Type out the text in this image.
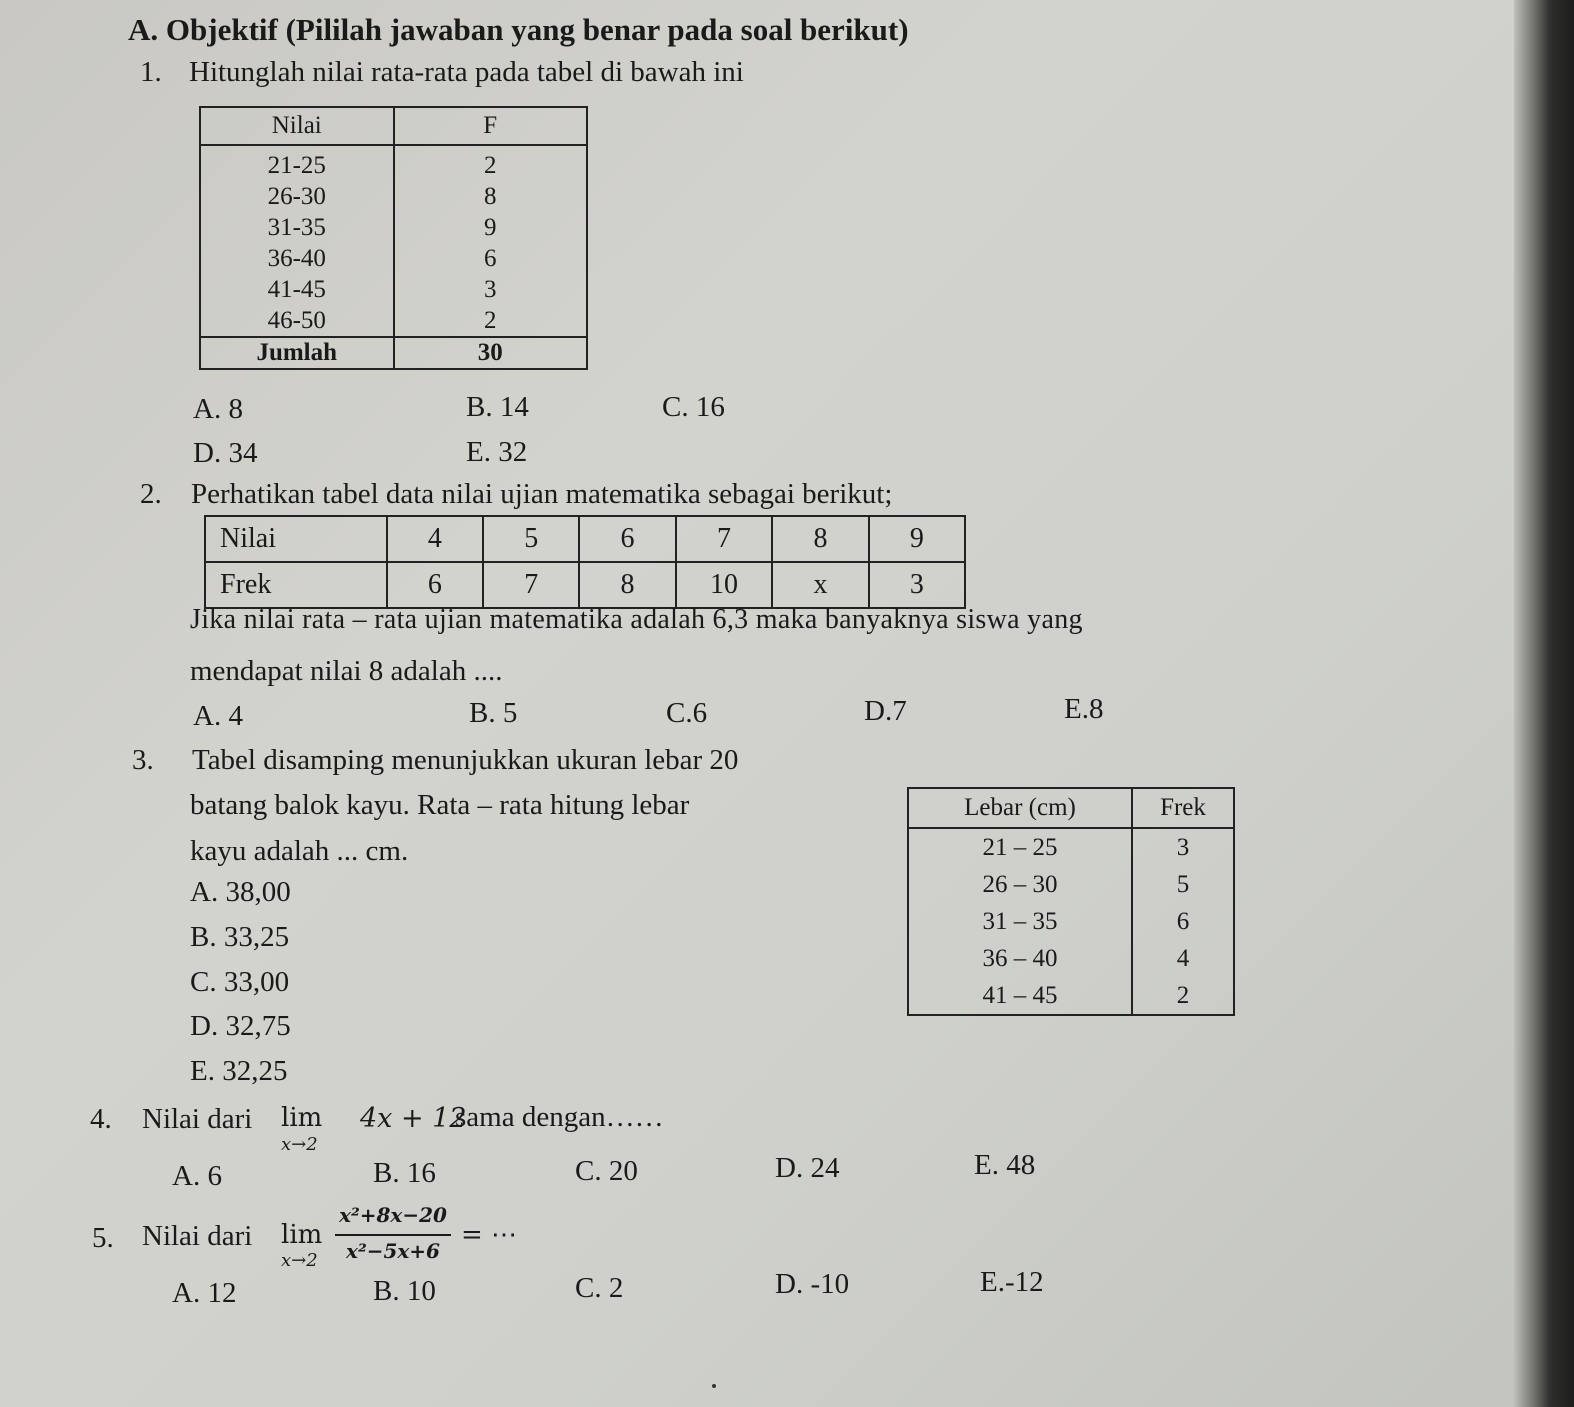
A. Objektif (Pililah jawaban yang benar pada soal berikut)
1. Hitunglah nilai rata-rata pada tabel di bawah ini
Nilai	F
21-25	2
26-30	8
31-35	9
36-40	6
41-45	3
46-50	2
Jumlah	30
A. 8	B. 14	C. 16
D. 34	E. 32
2. Perhatikan tabel data nilai ujian matematika sebagai berikut;
Nilai	4	5	6	7	8	9
Frek	6	7	8	10	x	3
Jika nilai rata – rata ujian matematika adalah 6,3 maka banyaknya siswa yang
mendapat nilai 8 adalah ....
A. 4	B. 5	C.6	D.7	E.8
3. Tabel disamping menunjukkan ukuran lebar 20
batang balok kayu. Rata – rata hitung lebar
kayu adalah ... cm.
A. 38,00
B. 33,25
C. 33,00
D. 32,75
E. 32,25
Lebar (cm)	Frek
21 – 25	3
26 – 30	5
31 – 35	6
36 – 40	4
41 – 45	2
4. Nilai dari lim
x→2
4x + 12
sama dengan……
A. 6	B. 16	C. 20	D. 24	E. 48
5. Nilai dari lim
x→2
x²+8x−20
x²−5x+6
= ⋯
A. 12	B. 10	C. 2	D. -10	E.-12
